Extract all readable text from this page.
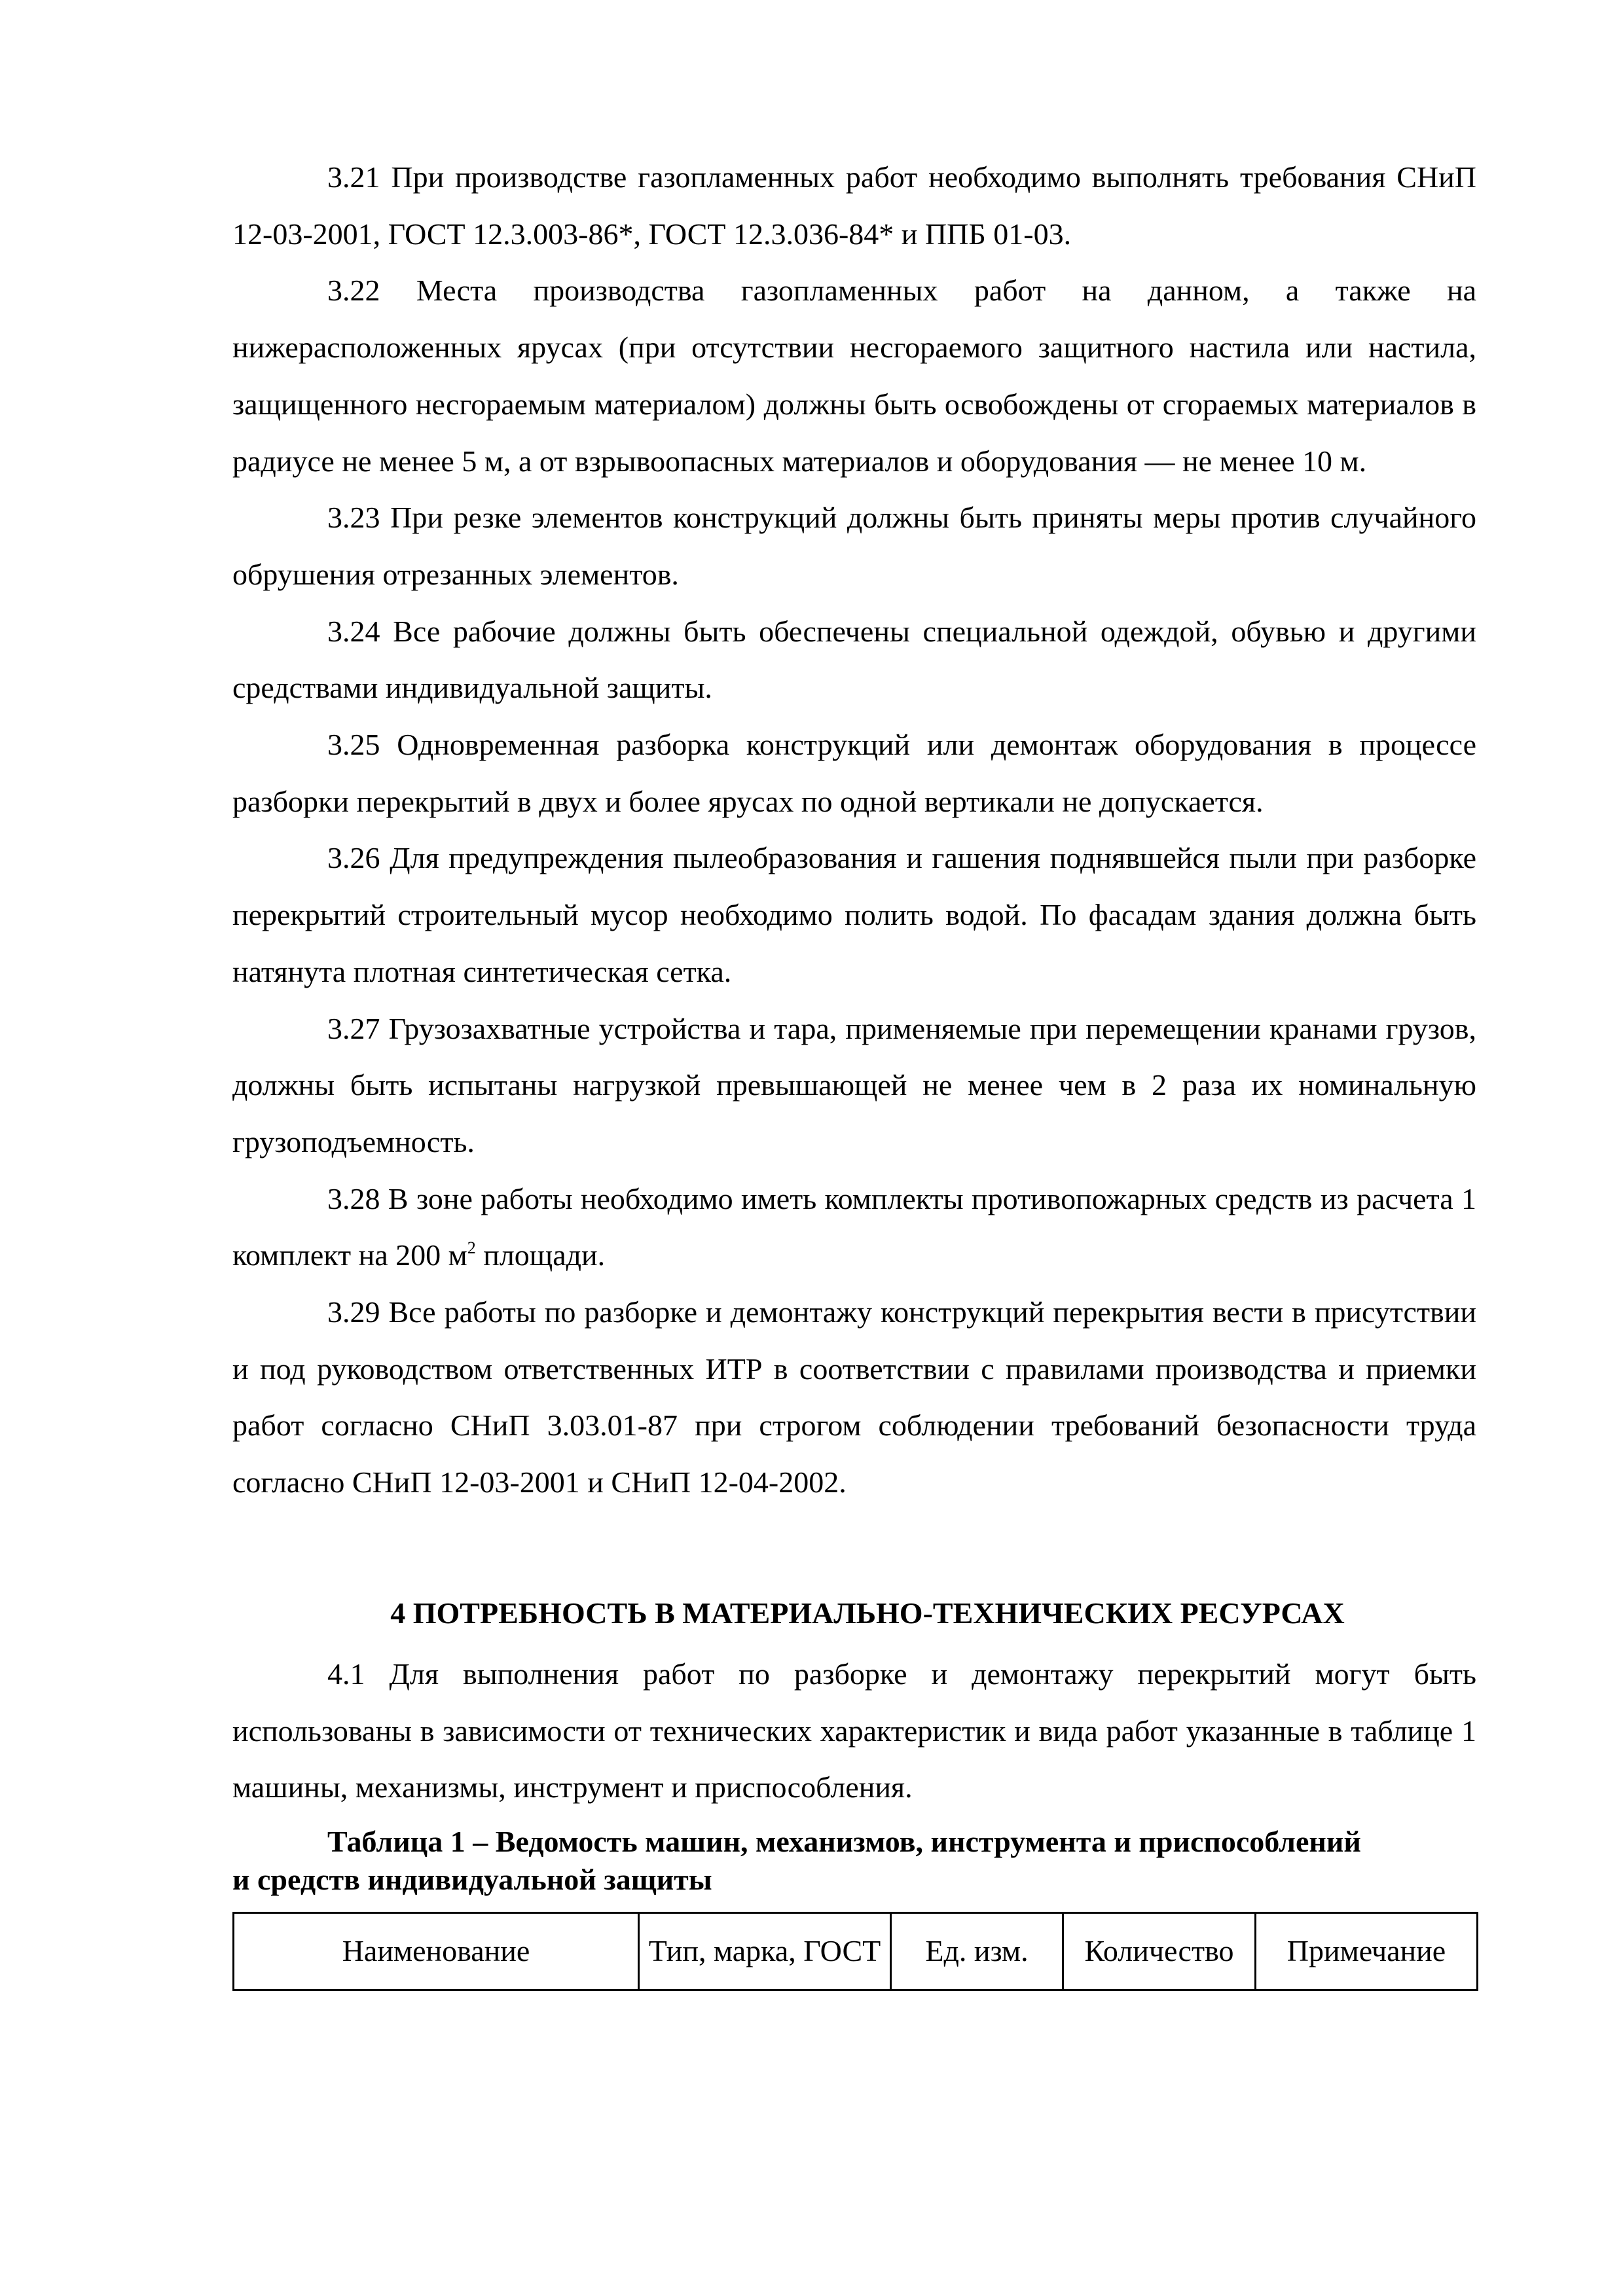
3.21 При производстве газопламенных работ необходимо выполнять требования СНиП 12-03-2001, ГОСТ 12.3.003-86*, ГОСТ 12.3.036-84* и ППБ 01-03.

3.22 Места производства газопламенных работ на данном, а также на нижерасположенных ярусах (при отсутствии несгораемого защитного настила или настила, защищенного несгораемым материалом) должны быть освобождены от сгораемых материалов в радиусе не менее 5 м, а от взрывоопасных материалов и оборудования — не менее 10 м.

3.23 При резке элементов конструкций должны быть приняты меры против случайного обрушения отрезанных элементов.

3.24 Все рабочие должны быть обеспечены специальной одеждой, обувью и другими средствами индивидуальной защиты.

3.25 Одновременная разборка конструкций или демонтаж оборудования в процессе разборки перекрытий в двух и более ярусах по одной вертикали не допускается.

3.26 Для предупреждения пылеобразования и гашения поднявшейся пыли при разборке перекрытий строительный мусор необходимо полить водой. По фасадам здания должна быть натянута плотная синтетическая сетка.

3.27 Грузозахватные устройства и тара, применяемые при перемещении кранами грузов, должны быть испытаны нагрузкой превышающей не менее чем в 2 раза их номинальную грузоподъемность.

3.28 В зоне работы необходимо иметь комплекты противопожарных средств из расчета 1 комплект на 200 $м^2$ площади.

3.29 Все работы по разборке и демонтажу конструкций перекрытия вести в присутствии и под руководством ответственных ИТР в соответствии с правилами производства и приемки работ согласно СНиП 3.03.01-87 при строгом соблюдении требований безопасности труда согласно СНиП 12-03-2001 и СНиП 12-04-2002.

4 ПОТРЕБНОСТЬ В МАТЕРИАЛЬНО-ТЕХНИЧЕСКИХ РЕСУРСАХ

4.1 Для выполнения работ по разборке и демонтажу перекрытий могут быть использованы в зависимости от технических характеристик и вида работ указанные в таблице 1 машины, механизмы, инструмент и приспособления.

Таблица 1 – Ведомость машин, механизмов, инструмента и приспособлений
и средств индивидуальной защиты
Наименование	Тип, марка, ГОСТ	Ед. изм.	Количество	Примечание
